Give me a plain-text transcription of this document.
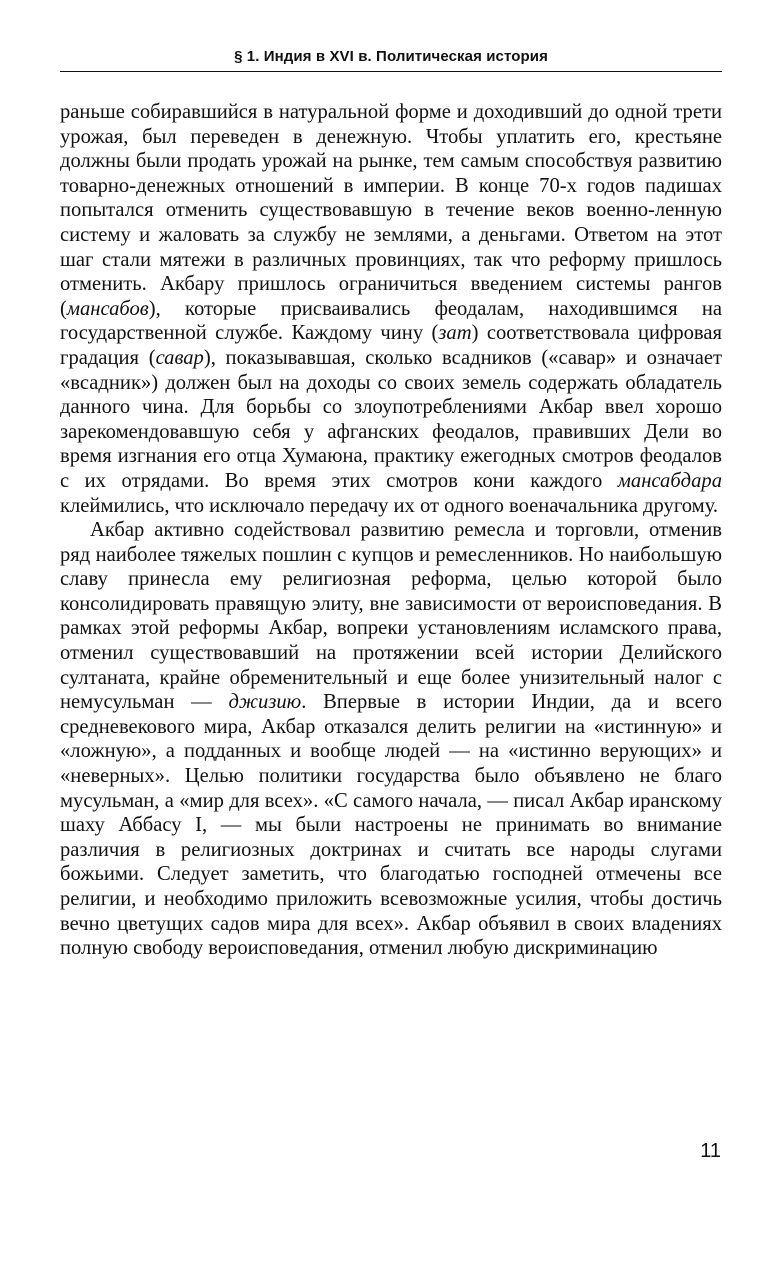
§ 1. Индия в XVI в. Политическая история

раньше собиравшийся в натуральной форме и доходивший до одной трети урожая, был переведен в денежную. Чтобы уплатить его, крестьяне должны были продать урожай на рынке, тем самым способствуя развитию товарно-денежных отношений в империи. В конце 70-х годов падишах попытался отменить существовавшую в течение веков военно-ленную систему и жаловать за службу не землями, а деньгами. Ответом на этот шаг стали мятежи в различных провинциях, так что реформу пришлось отменить. Акбару пришлось ограничиться введением системы рангов (мансабов), которые присваивались феодалам, находившимся на государственной службе. Каждому чину (зат) соответствовала цифровая градация (савар), показывавшая, сколько всадников («савар» и означает «всадник») должен был на доходы со своих земель содержать обладатель данного чина. Для борьбы со злоупотреблениями Акбар ввел хорошо зарекомендовавшую себя у афганских феодалов, правивших Дели во время изгнания его отца Хумаюна, практику ежегодных смотров феодалов с их отрядами. Во время этих смотров кони каждого мансабдара клеймились, что исключало передачу их от одного военачальника другому.

Акбар активно содействовал развитию ремесла и торговли, отменив ряд наиболее тяжелых пошлин с купцов и ремесленников. Но наибольшую славу принесла ему религиозная реформа, целью которой было консолидировать правящую элиту, вне зависимости от вероисповедания. В рамках этой реформы Акбар, вопреки установлениям исламского права, отменил существовавший на протяжении всей истории Делийского султаната, крайне обременительный и еще более унизительный налог с немусульман — джизию. Впервые в истории Индии, да и всего средневекового мира, Акбар отказался делить религии на «истинную» и «ложную», а подданных и вообще людей — на «истинно верующих» и «неверных». Целью политики государства было объявлено не благо мусульман, а «мир для всех». «С самого начала, — писал Акбар иранскому шаху Аббасу I, — мы были настроены не принимать во внимание различия в религиозных доктринах и считать все народы слугами божьими. Следует заметить, что благодатью господней отмечены все религии, и необходимо приложить всевозможные усилия, чтобы достичь вечно цветущих садов мира для всех». Акбар объявил в своих владениях полную свободу вероисповедания, отменил любую дискриминацию

11
